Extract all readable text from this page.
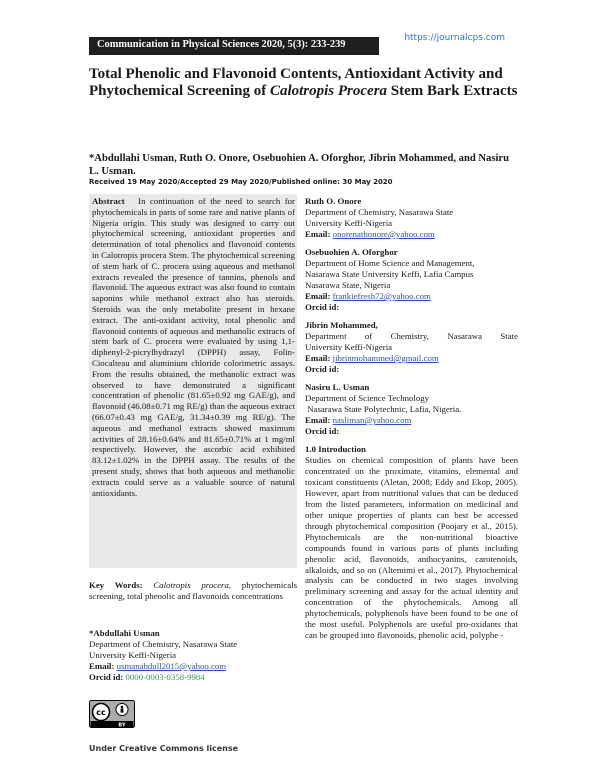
Communication in Physical Sciences 2020, 5(3): 233-239
https://journalcps.com
Total Phenolic and Flavonoid Contents, Antioxidant Activity and Phytochemical Screening of Calotropis Procera Stem Bark Extracts
*Abdullahi Usman, Ruth O. Onore, Osebuohien A. Oforghor, Jibrin Mohammed, and Nasiru L. Usman.
Received 19 May 2020/Accepted 29 May 2020/Published online: 30 May 2020

Abstract In continuation of the need to search for phytochemicals in parts of some rare and native plants of Nigeria origin. This study was designed to carry out phytochemical screening, antioxidant properties and determination of total phenolics and flavonoid contents in Calotropis procera Stem. The phytochemical screening of stem bark of C. procera using aqueous and methanol extracts revealed the presence of tannins, phenols and flavonoid. The aqueous extract was also found to contain saponins while methanol extract also has steroids. Steroids was the only metabolite present in hexane extract. The anti-oxidant activity, total phenolic and flavonoid contents of aqueous and methanolic extracts of stem bark of C. procera were evaluated by using 1,1-diphenyl-2-picrylhydrazyl (DPPH) assay, Folin-Ciocalteau and aluminium chloride colorimetric assays. From the results obtained, the methanolic extract was observed to have demonstrated a significant concentration of phenolic (81.65±0.92 mg GAE/g), and flavonoid (46.08±0.71 mg RE/g) than the aqueous extract (66.07±0.43 mg GAE/g, 31.34±0.39 mg RE/g). The aqueous and methanol extracts showed maximum activities of 28.16±0.64% and 81.65±0.71% at 1 mg/ml respectively. However, the ascorbic acid exhibited 83.12±1.02% in the DPPH assay. The results of the present study, shows that both aqueous and methanolic extracts could serve as a valuable source of natural antioxidants.

Key Words: Calotropis procera, phytochemicals screening, total phenolic and flavonoids concentrations

*Abdullahi Usman
Department of Chemistry, Nasarawa State
University Keffi-Nigeria
Email: usmanabdull2015@yahoo.com
Orcid id: 0000-0003-0358-9984
cc
BY
Under Creative Commons license
Ruth O. Onore
Department of Chemistry, Nasarawa State
University Keffi-Nigeria
Email: onorenathonore@yahoo.com
Osebuohien A. Oforghor
Department of Home Science and Management,
Nasarawa State University Keffi, Lafia Campus
Nasarawa State, Nigeria
Email: frankiefresh72@yahoo.com
Orcid id:
Jibrin Mohammed,
Department of Chemistry, Nasarawa State
University Keffi-Nigeria
Email: jibrinmohammed@gmail.com
Orcid id:
Nasiru L. Usman
Department of Science Technology
Nasarawa State Polytechnic, Lafia, Nigeria.
Email: nasliman@yahoo.com
Orcid id:
1.0 Introduction

Studies on chemical composition of plants have been concentrated on the proximate, vitamins, elemental and toxicant constituents (Aletan, 2008; Eddy and Ekop, 2005). However, apart from nutritional values that can be deduced from the listed parameters, information on medicinal and other unique properties of plants can best be accessed through phytochemical composition (Poojary et al., 2015). Phytochemicals are the non-nutritional bioactive compounds found in various parts of plants including phenolic acid, flavonoids, anthocyanins, carotenoids, alkaloids, and so on (Altemimi et al., 2017). Phytochemical analysis can be conducted in two stages involving preliminary screening and assay for the actual identity and concentration of the phytochemicals. Among all phytochemicals, polyphenols have been found to be one of the most useful. Polyphenols are useful pro-oxidants that can be grouped into flavonoids, phenolic acid, polyphe -
